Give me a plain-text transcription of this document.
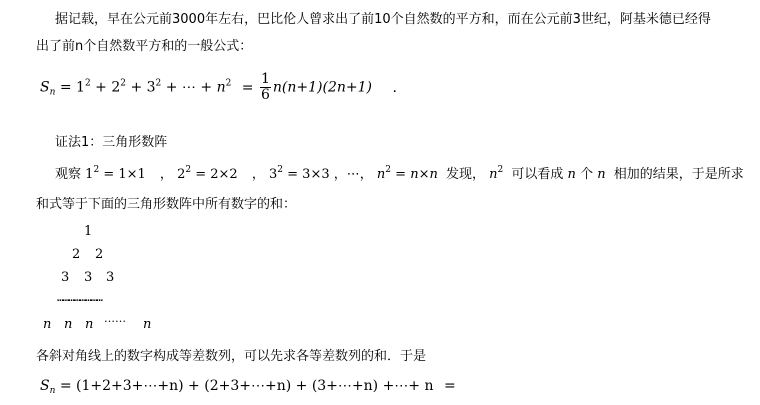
据记载，早在公元前3000年左右，巴比伦人曾求出了前10个自然数的平方和，而在公元前3世纪，阿基米德已经得
出了前n个自然数平方和的一般公式：
$S_n = 1^2 + 2^2 + 3^2$ + ⋯ + $n^2 = \frac{1}{6} n(n+1)(2n+1)$ .
证法1：三角形数阵
观察 $1^2 = 1\times 1$ ， $2^2 = 2\times 2$ ， $3^2 = 3\times 3$ ，⋯， $n^2 = n\times n$ 发现， $n^2$ 可以看成 n 个 n 相加的结果，于是所求
和式等于下面的三角形数阵中所有数字的和：
1
2 2
3 3 3
……………………
n n n …… n
各斜对角线上的数字构成等差数列，可以先求各等差数列的和．于是
$S_n$ = (1+2+3+⋯+n) + (2+3+⋯+n) + (3+⋯+n) +⋯+ n =
